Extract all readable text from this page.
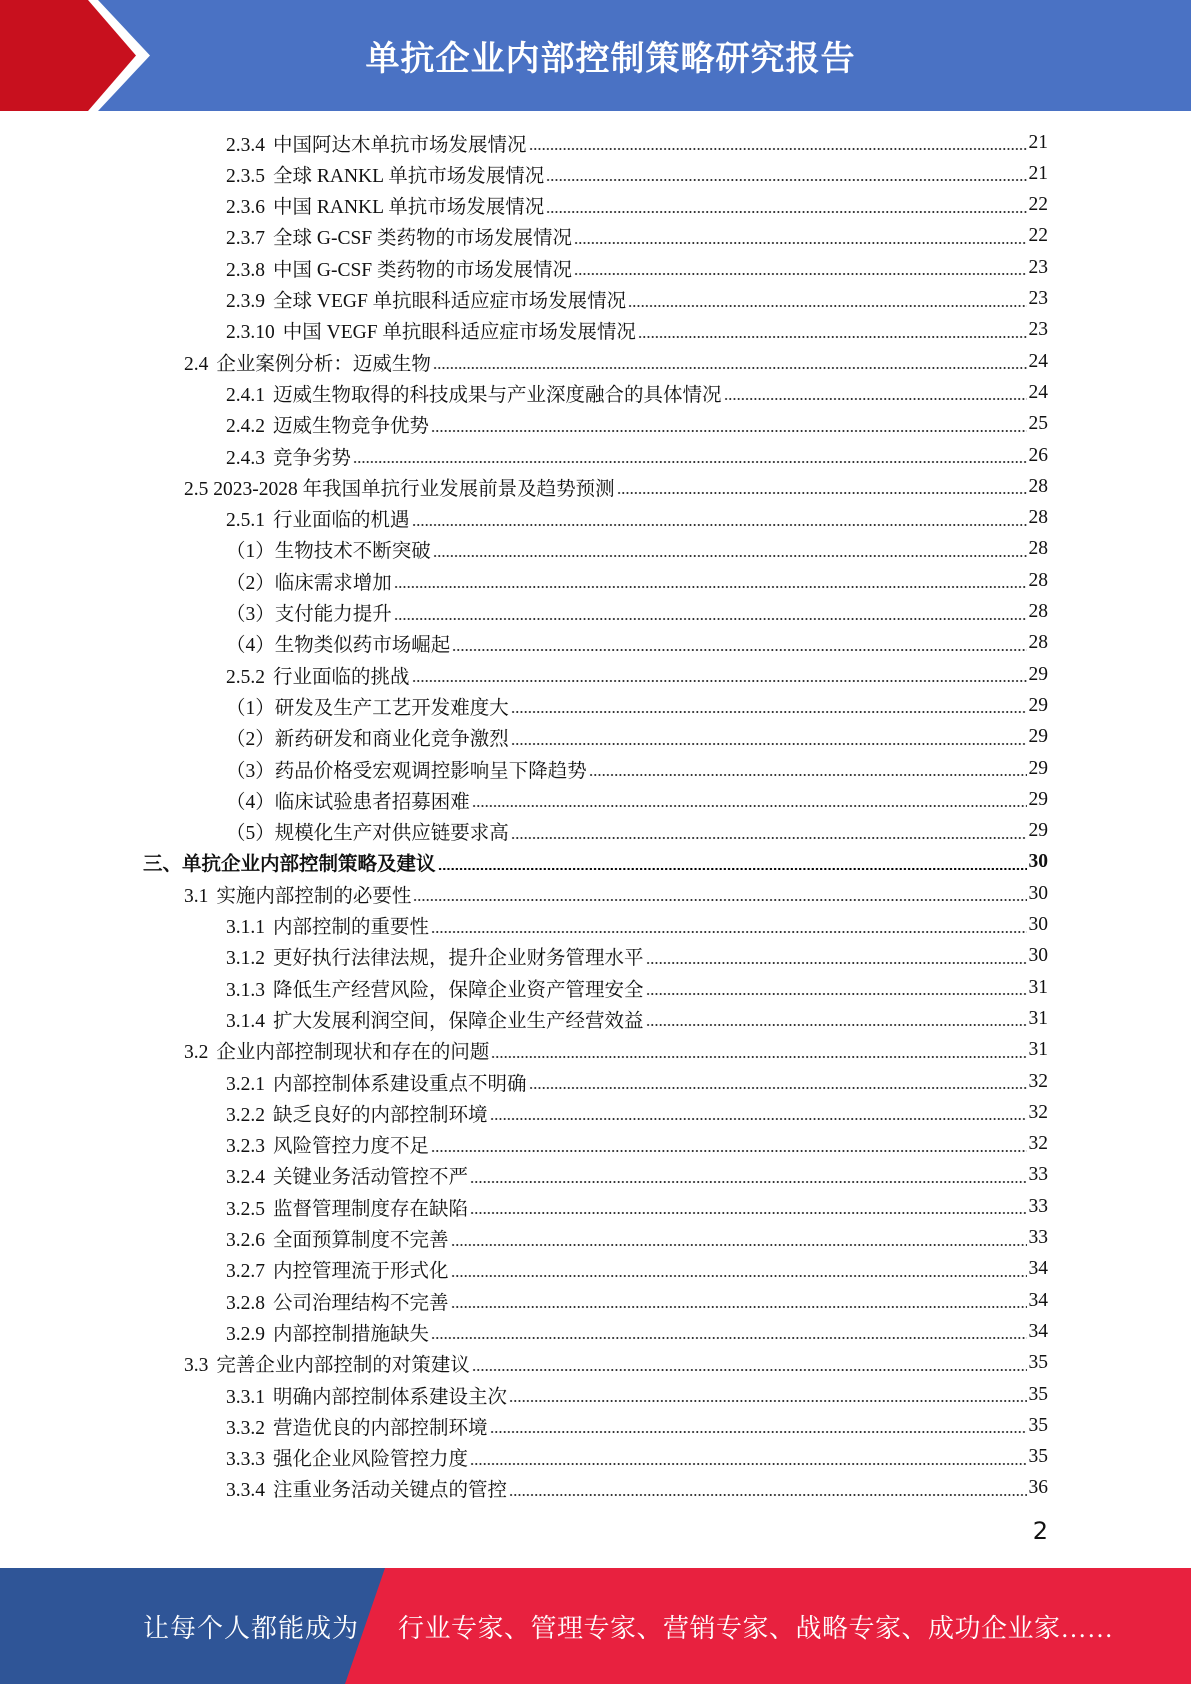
单抗企业内部控制策略研究报告
2.3.4 中国阿达木单抗市场发展情况	21
2.3.5 全球 RANKL 单抗市场发展情况	21
2.3.6 中国 RANKL 单抗市场发展情况	22
2.3.7 全球 G-CSF 类药物的市场发展情况	22
2.3.8 中国 G-CSF 类药物的市场发展情况	23
2.3.9 全球 VEGF 单抗眼科适应症市场发展情况	23
2.3.10 中国 VEGF 单抗眼科适应症市场发展情况	23
2.4 企业案例分析：迈威生物	24
2.4.1 迈威生物取得的科技成果与产业深度融合的具体情况	24
2.4.2 迈威生物竞争优势	25
2.4.3 竞争劣势	26
2.5 2023-2028 年我国单抗行业发展前景及趋势预测	28
2.5.1 行业面临的机遇	28
（1）生物技术不断突破	28
（2）临床需求增加	28
（3）支付能力提升	28
（4）生物类似药市场崛起	28
2.5.2 行业面临的挑战	29
（1）研发及生产工艺开发难度大	29
（2）新药研发和商业化竞争激烈	29
（3）药品价格受宏观调控影响呈下降趋势	29
（4）临床试验患者招募困难	29
（5）规模化生产对供应链要求高	29
三、单抗企业内部控制策略及建议	30
3.1 实施内部控制的必要性	30
3.1.1 内部控制的重要性	30
3.1.2 更好执行法律法规，提升企业财务管理水平	30
3.1.3 降低生产经营风险，保障企业资产管理安全	31
3.1.4 扩大发展利润空间，保障企业生产经营效益	31
3.2 企业内部控制现状和存在的问题	31
3.2.1 内部控制体系建设重点不明确	32
3.2.2 缺乏良好的内部控制环境	32
3.2.3 风险管控力度不足	32
3.2.4 关键业务活动管控不严	33
3.2.5 监督管理制度存在缺陷	33
3.2.6 全面预算制度不完善	33
3.2.7 内控管理流于形式化	34
3.2.8 公司治理结构不完善	34
3.2.9 内部控制措施缺失	34
3.3 完善企业内部控制的对策建议	35
3.3.1 明确内部控制体系建设主次	35
3.3.2 营造优良的内部控制环境	35
3.3.3 强化企业风险管控力度	35
3.3.4 注重业务活动关键点的管控	36
2
让每个人都能成为 行业专家、管理专家、营销专家、战略专家、成功企业家……
